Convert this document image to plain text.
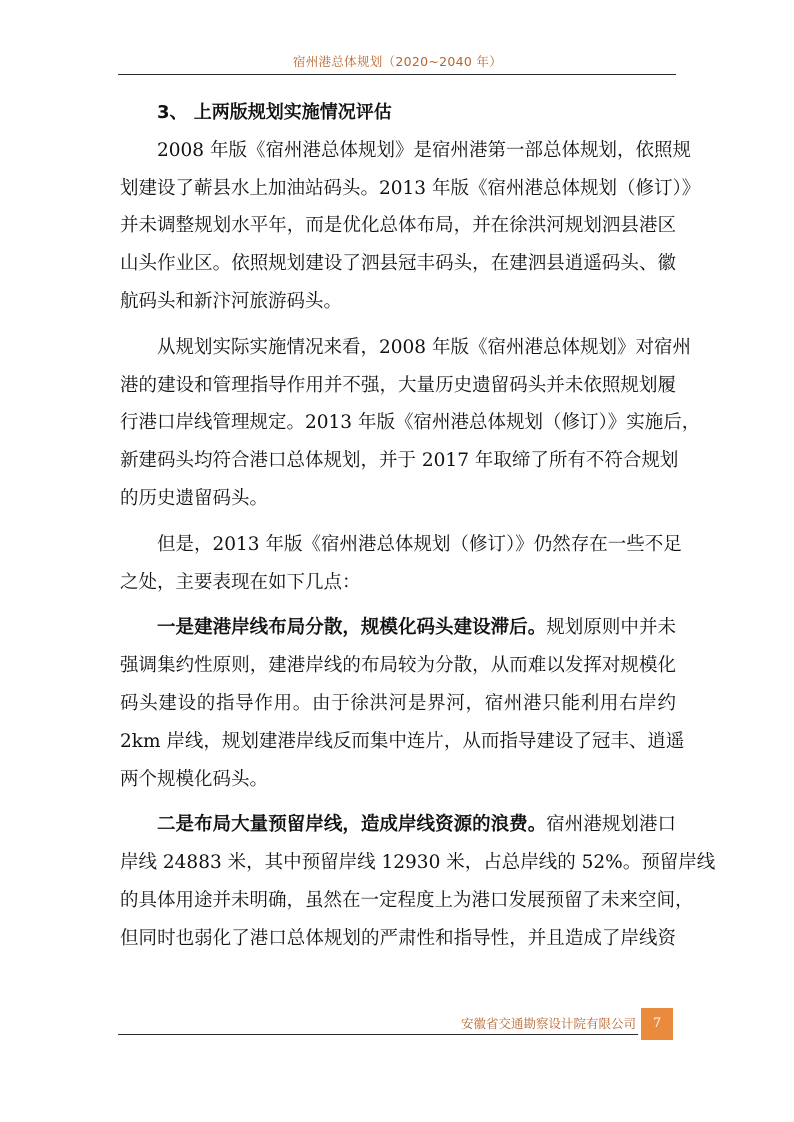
宿州港总体规划（2020~2040 年）
3、 上两版规划实施情况评估
2008 年版《宿州港总体规划》是宿州港第一部总体规划，依照规
划建设了蕲县水上加油站码头。2013 年版《宿州港总体规划（修订）》
并未调整规划水平年，而是优化总体布局，并在徐洪河规划泗县港区
山头作业区。依照规划建设了泗县冠丰码头，在建泗县逍遥码头、徽
航码头和新汴河旅游码头。
从规划实际实施情况来看，2008 年版《宿州港总体规划》对宿州
港的建设和管理指导作用并不强，大量历史遗留码头并未依照规划履
行港口岸线管理规定。2013 年版《宿州港总体规划（修订）》实施后，
新建码头均符合港口总体规划，并于 2017 年取缔了所有不符合规划
的历史遗留码头。
但是，2013 年版《宿州港总体规划（修订）》仍然存在一些不足
之处，主要表现在如下几点：
一是建港岸线布局分散，规模化码头建设滞后。规划原则中并未
强调集约性原则，建港岸线的布局较为分散，从而难以发挥对规模化
码头建设的指导作用。由于徐洪河是界河，宿州港只能利用右岸约
2km 岸线，规划建港岸线反而集中连片，从而指导建设了冠丰、逍遥
两个规模化码头。
二是布局大量预留岸线，造成岸线资源的浪费。宿州港规划港口
岸线 24883 米，其中预留岸线 12930 米，占总岸线的 52%。预留岸线
的具体用途并未明确，虽然在一定程度上为港口发展预留了未来空间，
但同时也弱化了港口总体规划的严肃性和指导性，并且造成了岸线资
安徽省交通勘察设计院有限公司	7
